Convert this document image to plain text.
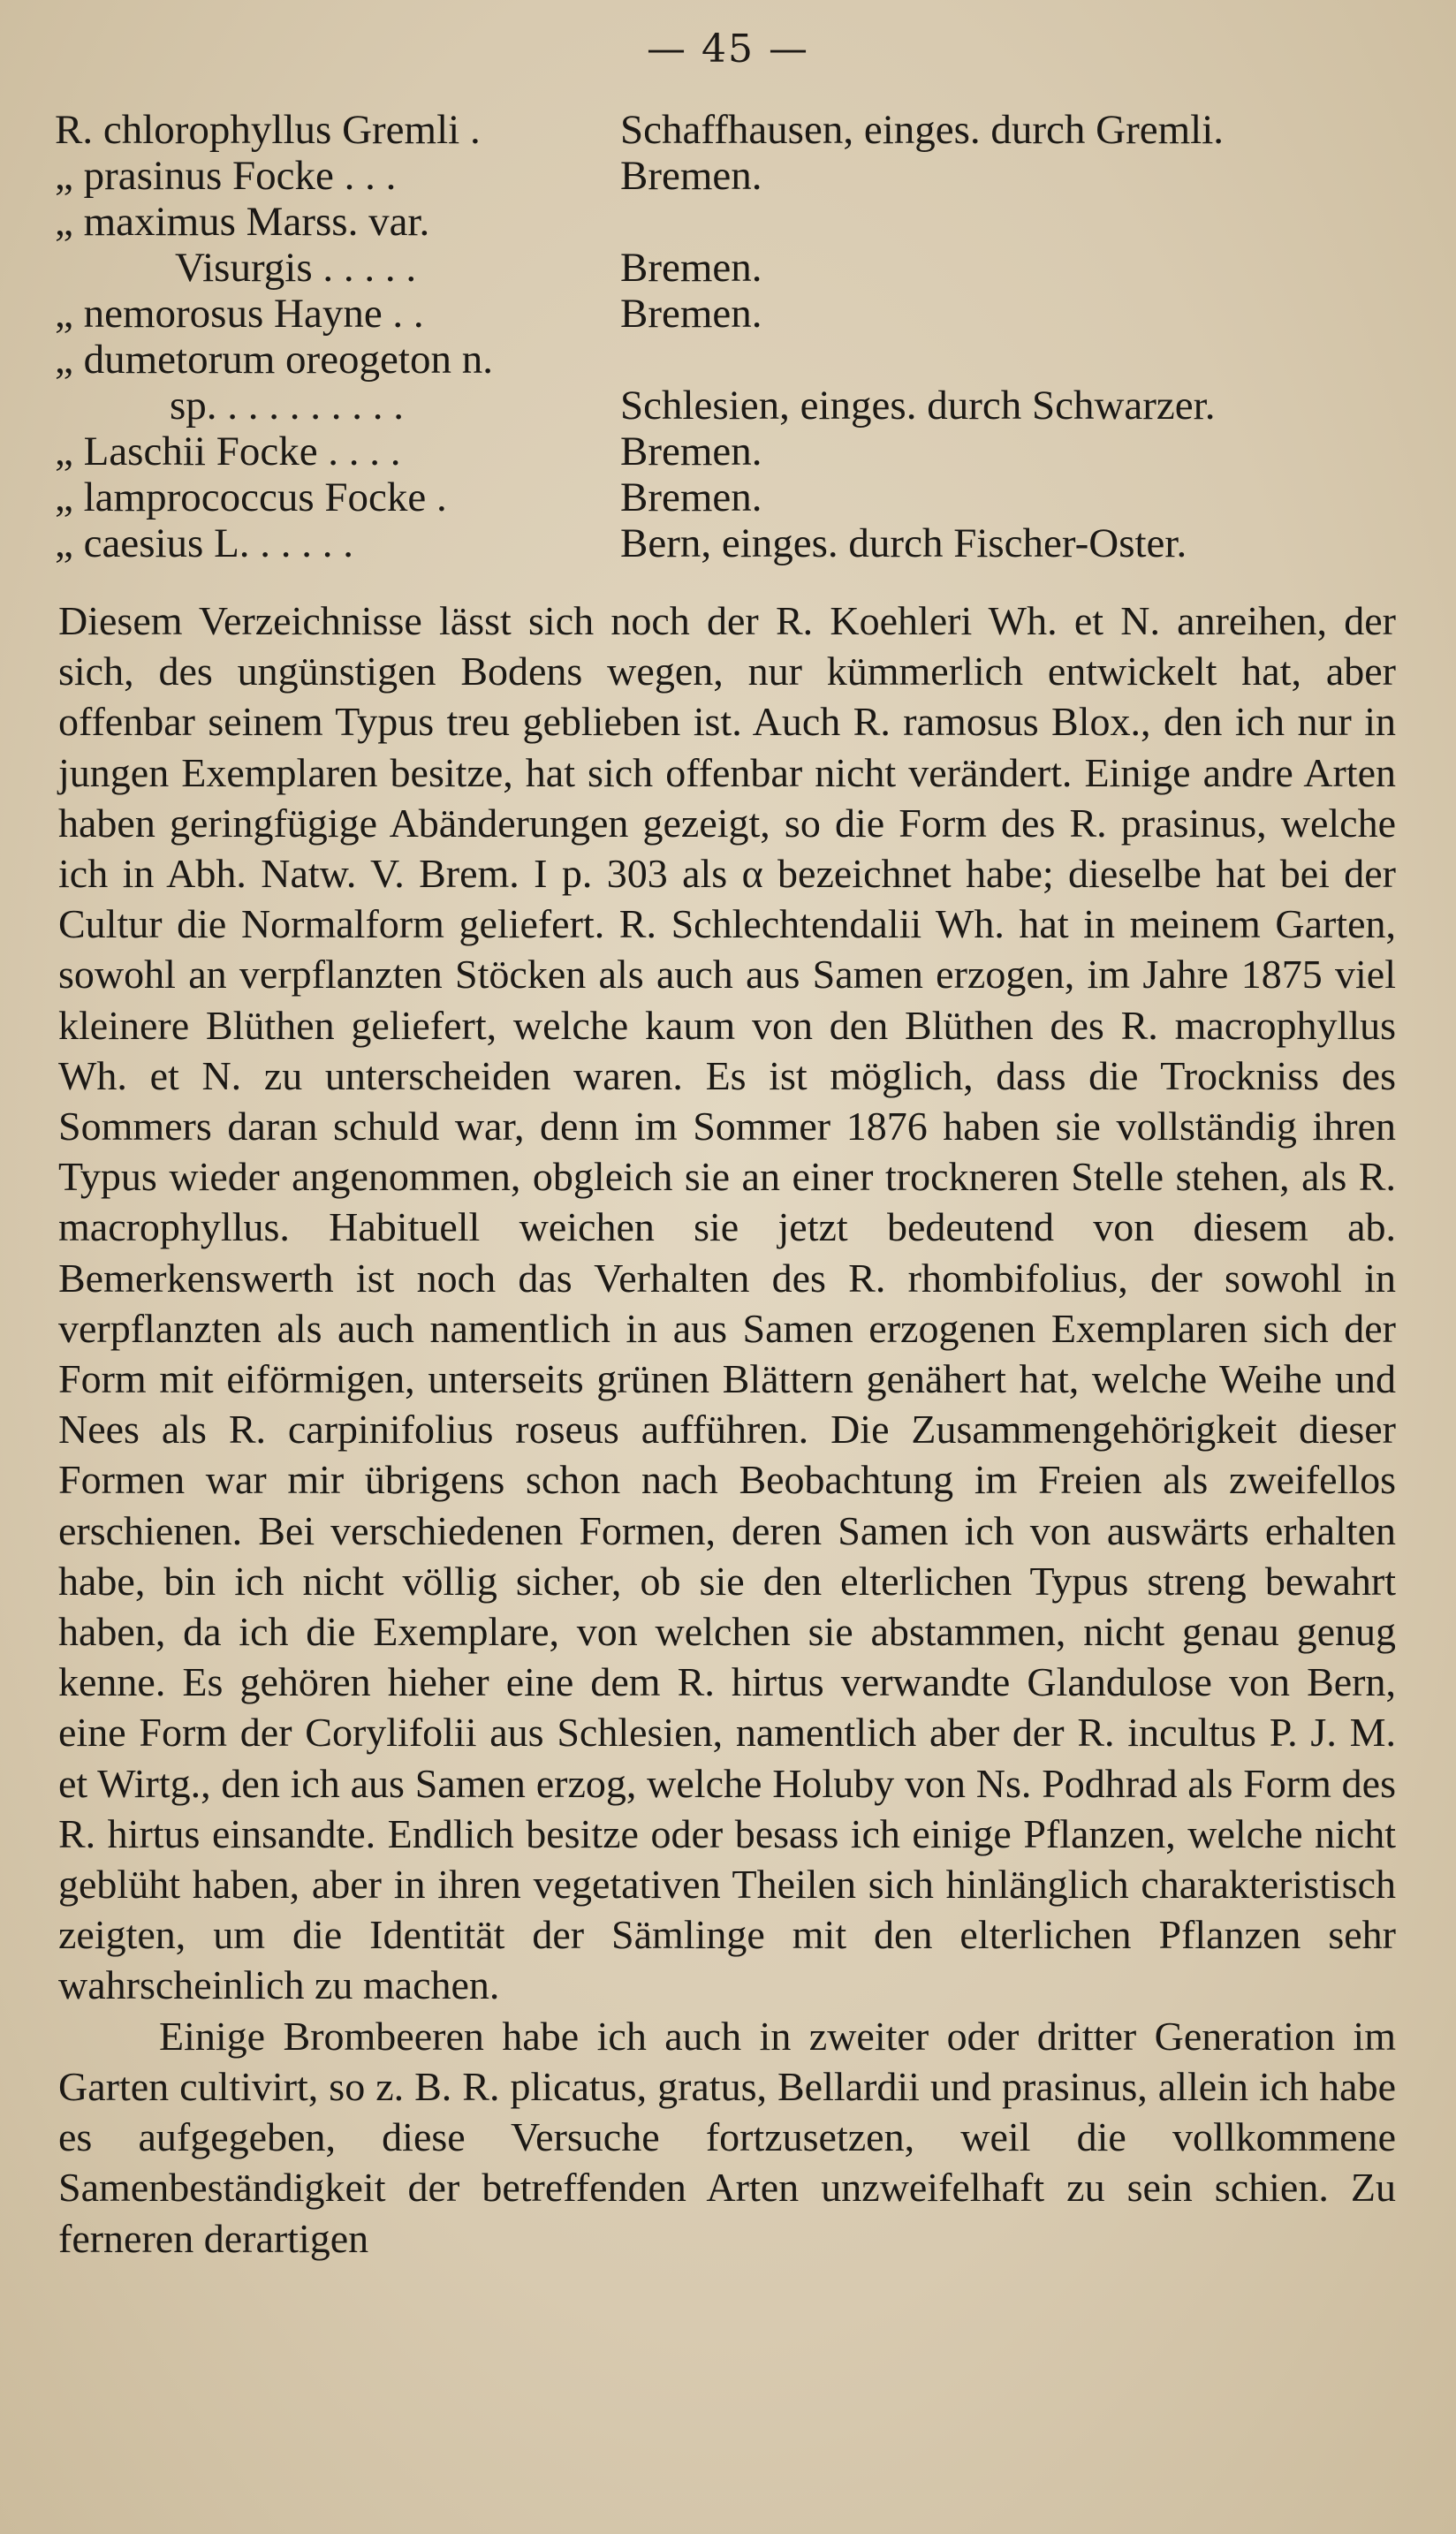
— 45 —
R. chlorophyllus Gremli .	Schaffhausen, einges. durch Gremli.
„ prasinus Focke . . .	Bremen.
„ maximus Marss. var.
Visurgis . . . . .	Bremen.
„ nemorosus Hayne . .	Bremen.
„ dumetorum oreogeton n.
sp. . . . . . . . . .	Schlesien, einges. durch Schwarzer.
„ Laschii Focke . . . .	Bremen.
„ lamprococcus Focke .	Bremen.
„ caesius L. . . . . .	Bern, einges. durch Fischer-Oster.

Diesem Verzeichnisse lässt sich noch der R. Koehleri Wh. et N. anreihen, der sich, des ungünstigen Bodens wegen, nur kümmerlich entwickelt hat, aber offenbar seinem Typus treu geblieben ist. Auch R. ramosus Blox., den ich nur in jungen Exemplaren besitze, hat sich offenbar nicht verändert. Einige andre Arten haben geringfügige Abänderungen gezeigt, so die Form des R. prasinus, welche ich in Abh. Natw. V. Brem. I p. 303 als α bezeichnet habe; dieselbe hat bei der Cultur die Normalform geliefert. R. Schlechtendalii Wh. hat in meinem Garten, sowohl an verpflanzten Stöcken als auch aus Samen erzogen, im Jahre 1875 viel kleinere Blüthen geliefert, welche kaum von den Blüthen des R. macrophyllus Wh. et N. zu unterscheiden waren. Es ist möglich, dass die Trockniss des Sommers daran schuld war, denn im Sommer 1876 haben sie vollständig ihren Typus wieder angenommen, obgleich sie an einer trockneren Stelle stehen, als R. macrophyllus. Habituell weichen sie jetzt bedeutend von diesem ab. Bemerkenswerth ist noch das Verhalten des R. rhombifolius, der sowohl in verpflanzten als auch namentlich in aus Samen erzogenen Exemplaren sich der Form mit eiförmigen, unterseits grünen Blättern genähert hat, welche Weihe und Nees als R. carpinifolius roseus aufführen. Die Zusammengehörigkeit dieser Formen war mir übrigens schon nach Beobachtung im Freien als zweifellos erschienen. Bei verschiedenen Formen, deren Samen ich von auswärts erhalten habe, bin ich nicht völlig sicher, ob sie den elterlichen Typus streng bewahrt haben, da ich die Exemplare, von welchen sie abstammen, nicht genau genug kenne. Es gehören hieher eine dem R. hirtus verwandte Glandulose von Bern, eine Form der Corylifolii aus Schlesien, namentlich aber der R. incultus P. J. M. et Wirtg., den ich aus Samen erzog, welche Holuby von Ns. Podhrad als Form des R. hirtus einsandte. Endlich besitze oder besass ich einige Pflanzen, welche nicht geblüht haben, aber in ihren vegetativen Theilen sich hinlänglich charakteristisch zeigten, um die Identität der Sämlinge mit den elterlichen Pflanzen sehr wahrscheinlich zu machen.

Einige Brombeeren habe ich auch in zweiter oder dritter Generation im Garten cultivirt, so z. B. R. plicatus, gratus, Bellardii und prasinus, allein ich habe es aufgegeben, diese Versuche fortzusetzen, weil die vollkommene Samenbeständigkeit der betreffenden Arten unzweifelhaft zu sein schien. Zu ferneren derartigen
